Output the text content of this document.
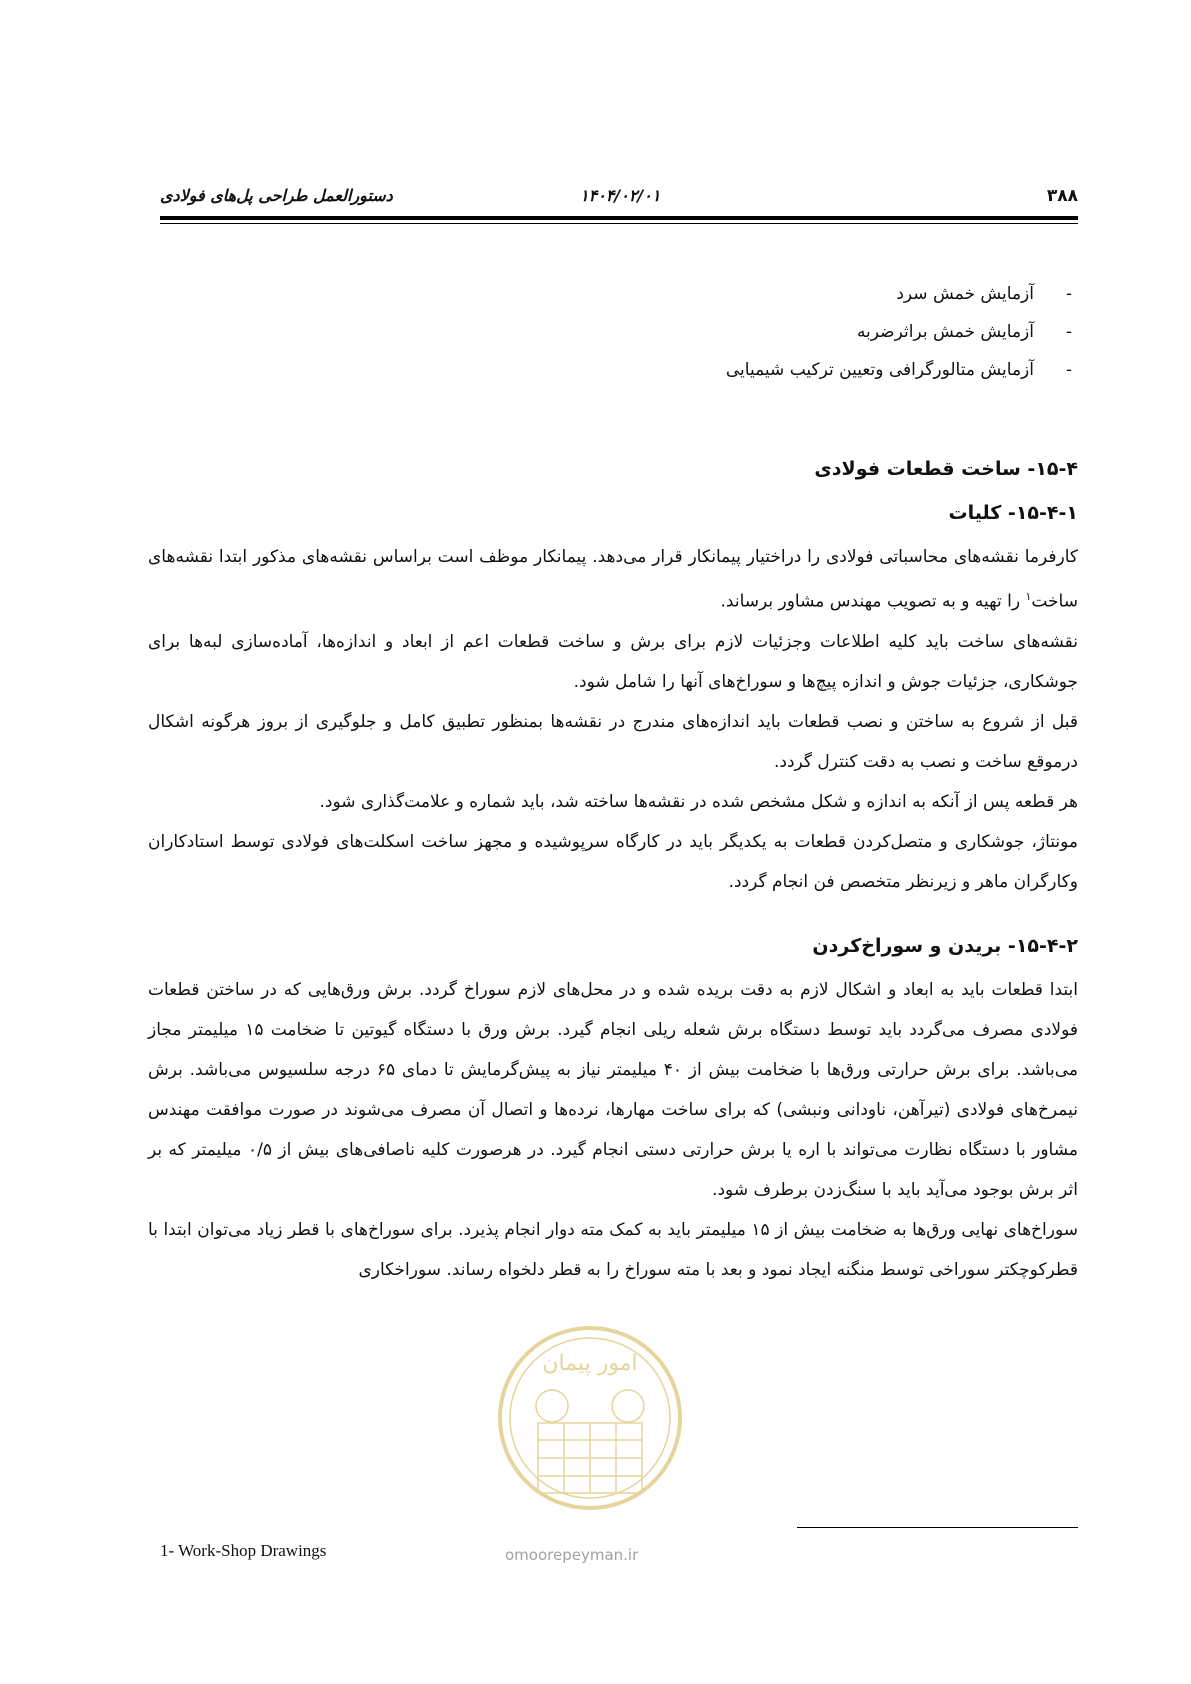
۳۸۸
۱۴۰۴/۰۲/۰۱
دستورالعمل طراحی پل‌های فولادی
-آزمایش خمش سرد
-آزمایش خمش براثرضربه
-آزمایش متالورگرافی وتعیین ترکیب شیمیایی
۱۵-۴- ساخت قطعات فولادی
۱۵-۴-۱- کلیات

کارفرما نقشه‌های محاسباتی فولادی را دراختیار پیمانکار قرار می‌دهد. پیمانکار موظف است براساس نقشه‌های مذکور ابتدا نقشه‌های ساخت$^۱$ را تهیه و به تصویب مهندس مشاور برساند.

نقشه‌های ساخت باید کلیه اطلاعات وجزئیات لازم برای برش و ساخت قطعات اعم از ابعاد و اندازه‌ها، آماده‌سازی لبه‌ها برای جوشکاری، جزئیات جوش و اندازه پیچ‌ها و سوراخ‌های آنها را شامل شود.

قبل از شروع به ساختن و نصب قطعات باید اندازه‌های مندرج در نقشه‌ها بمنظور تطبیق کامل و جلوگیری از بروز هرگونه اشکال درموقع ساخت و نصب به دقت کنترل گردد.

هر قطعه پس از آنکه به اندازه و شکل مشخص شده در نقشه‌ها ساخته شد، باید شماره و علامت‌گذاری شود.

مونتاژ، جوشکاری و متصل‌کردن قطعات به یکدیگر باید در کارگاه سرپوشیده و مجهز ساخت اسکلت‌های فولادی توسط استادکاران وکارگران ماهر و زیرنظر متخصص فن انجام گردد.

۱۵-۴-۲- بریدن و سوراخ‌کردن

ابتدا قطعات باید به ابعاد و اشکال لازم به دقت بریده شده و در محل‌های لازم سوراخ گردد. برش ورق‌هایی که در ساختن قطعات فولادی مصرف می‌گردد باید توسط دستگاه برش شعله ریلی انجام گیرد. برش ورق با دستگاه گیوتین تا ضخامت ۱۵ میلیمتر مجاز می‌باشد. برای برش حرارتی ورق‌ها با ضخامت بیش از ۴۰ میلیمتر نیاز به پیش‌گرمایش تا دمای ۶۵ درجه سلسیوس می‌باشد. برش نیمرخ‌های فولادی (تیرآهن، ناودانی ونبشی) که برای ساخت مهارها، نرده‌ها و اتصال آن مصرف می‌شوند در صورت موافقت مهندس مشاور با دستگاه نظارت می‌تواند با اره یا برش حرارتی دستی انجام گیرد. در هرصورت کلیه ناصافی‌های بیش از ۰/۵ میلیمتر که بر اثر برش بوجود می‌آید باید با سنگ‌زدن برطرف شود.

سوراخ‌های نهایی ورق‌ها به ضخامت بیش از ۱۵ میلیمتر باید به کمک مته دوار انجام پذیرد. برای سوراخ‌های با قطر زیاد می‌توان ابتدا با قطرکوچکتر سوراخی توسط منگنه ایجاد نمود و بعد با مته سوراخ را به قطر دلخواه رساند. سوراخکاری

امور پیمان
omoorepeyman.ir
1- Work-Shop Drawings
